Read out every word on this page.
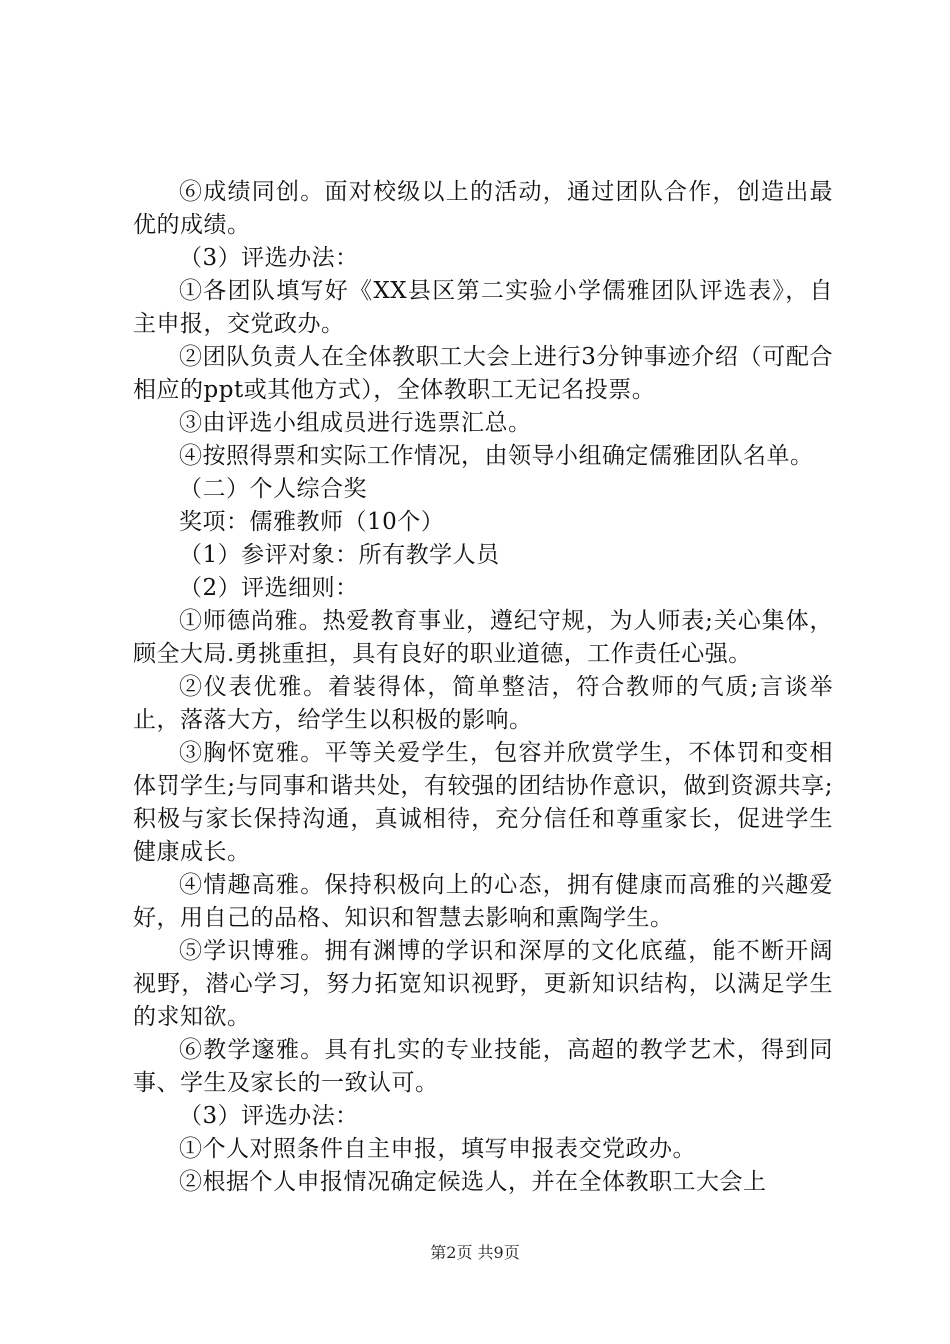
⑥成绩同创。面对校级以上的活动，通过团队合作，创造出最优的成绩。

（3）评选办法：

①各团队填写好《XX县区第二实验小学儒雅团队评选表》，自主申报，交党政办。

②团队负责人在全体教职工大会上进行3分钟事迹介绍（可配合相应的ppt或其他方式），全体教职工无记名投票。

③由评选小组成员进行选票汇总。

④按照得票和实际工作情况，由领导小组确定儒雅团队名单。

（二）个人综合奖

奖项：儒雅教师（10个）

（1）参评对象：所有教学人员

（2）评选细则：

①师德尚雅。热爱教育事业，遵纪守规，为人师表;关心集体，顾全大局.勇挑重担，具有良好的职业道德，工作责任心强。

②仪表优雅。着装得体，简单整洁，符合教师的气质;言谈举止，落落大方，给学生以积极的影响。

③胸怀宽雅。平等关爱学生，包容并欣赏学生，不体罚和变相体罚学生;与同事和谐共处，有较强的团结协作意识，做到资源共享;积极与家长保持沟通，真诚相待，充分信任和尊重家长，促进学生健康成长。

④情趣高雅。保持积极向上的心态，拥有健康而高雅的兴趣爱好，用自己的品格、知识和智慧去影响和熏陶学生。

⑤学识博雅。拥有渊博的学识和深厚的文化底蕴，能不断开阔视野，潜心学习，努力拓宽知识视野，更新知识结构，以满足学生的求知欲。

⑥教学邃雅。具有扎实的专业技能，高超的教学艺术，得到同事、学生及家长的一致认可。

（3）评选办法：

①个人对照条件自主申报，填写申报表交党政办。

②根据个人申报情况确定候选人，并在全体教职工大会上

第2页 共9页
